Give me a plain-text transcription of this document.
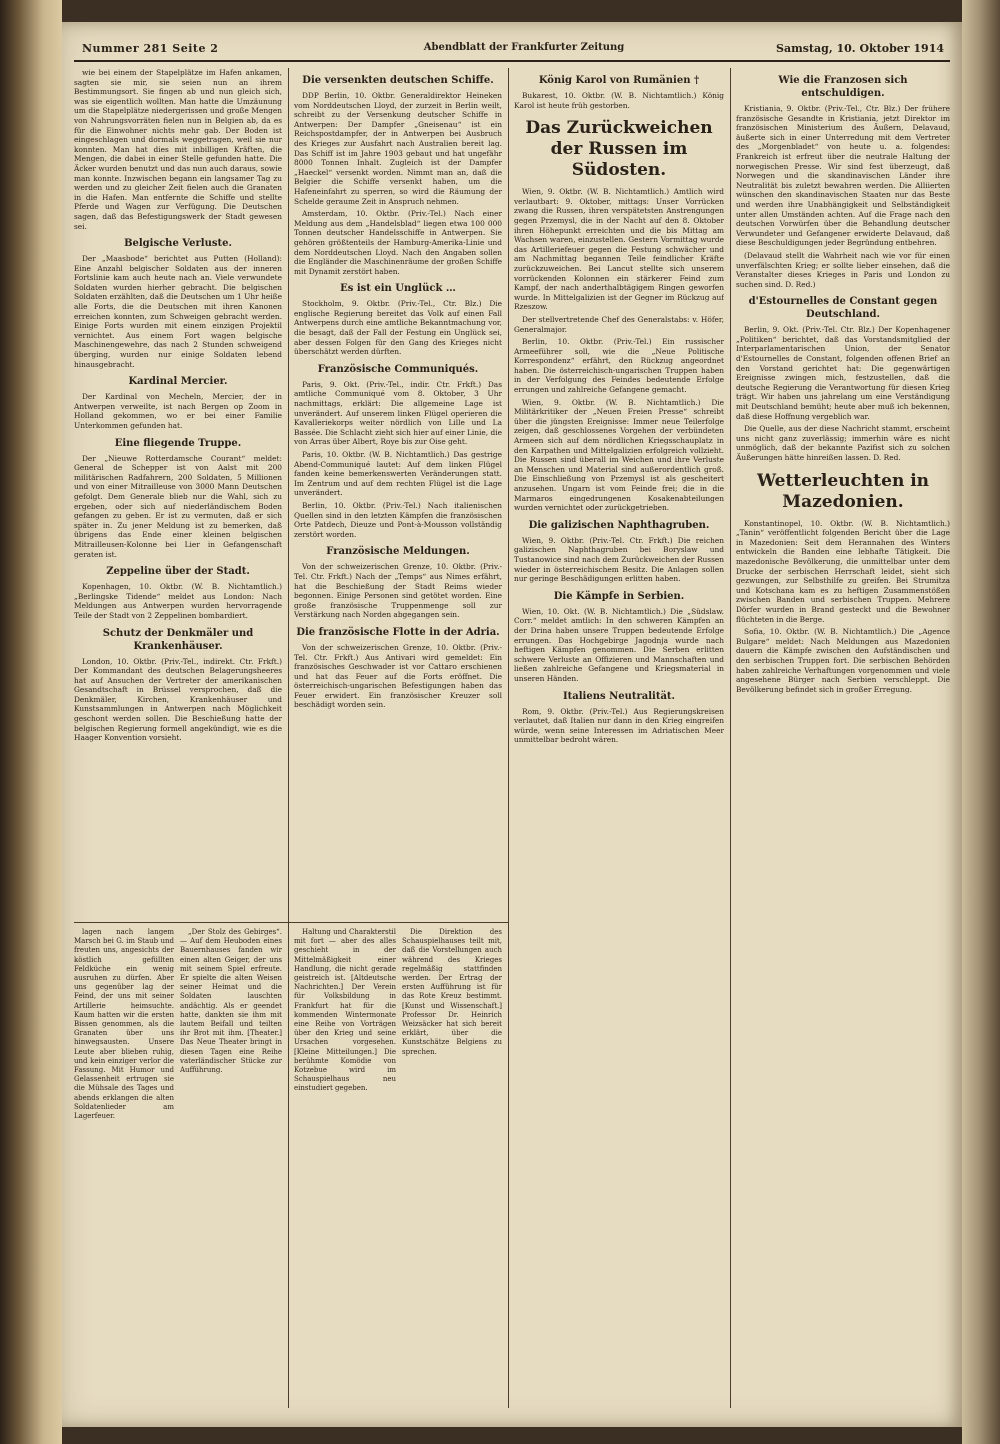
Nummer 281 Seite 2	Abendblatt der Frankfurter Zeitung	Samstag, 10. Oktober 1914

wie bei einem der Stapelplätze im Hafen ankamen, sagten sie mir, sie seien nun an ihrem Bestimmungsort. Sie fingen ab und nun gleich sich, was sie eigentlich wollten. Man hatte die Umzäunung um die Stapelplätze niedergerissen und große Mengen von Nahrungsvorräten fielen nun in Belgien ab, da es für die Einwohner nichts mehr gab. Der Boden ist eingeschlagen und dormals weggetragen, weil sie nur konnten. Man hat dies mit inbilligen Kräften, die Mengen, die dabei in einer Stelle gefunden hatte. Die Äcker wurden benutzt und das nun auch daraus, sowie man konnte. Inzwischen begann ein langsamer Tag zu werden und zu gleicher Zeit fielen auch die Granaten in die Hafen. Man entfernte die Schiffe und stellte Pferde und Wagen zur Verfügung. Die Deutschen sagen, daß das Befestigungswerk der Stadt gewesen sei.

Belgische Verluste.

Der „Maasbode“ berichtet aus Putten (Holland): Eine Anzahl belgischer Soldaten aus der inneren Fortslinie kam auch heute nach an. Viele verwundete Soldaten wurden hierher gebracht. Die belgischen Soldaten erzählten, daß die Deutschen um 1 Uhr heiße alle Forts, die die Deutschen mit ihren Kanonen erreichen konnten, zum Schweigen gebracht werden. Einige Forts wurden mit einem einzigen Projektil vernichtet. Aus einem Fort wagen belgische Maschinengewehre, das nach 2 Stunden schweigend überging, wurden nur einige Soldaten lebend hinausgebracht.

Kardinal Mercier.

Der Kardinal von Mecheln, Mercier, der in Antwerpen verweilte, ist nach Bergen op Zoom in Holland gekommen, wo er bei einer Familie Unterkommen gefunden hat.

Eine fliegende Truppe.

Der „Nieuwe Rotterdamsche Courant“ meldet: General de Schepper ist von Aalst mit 200 militärischen Radfahrern, 200 Soldaten, 5 Millionen und von einer Mitrailleuse von 3000 Mann Deutschen gefolgt. Dem Generale blieb nur die Wahl, sich zu ergeben, oder sich auf niederländischem Boden gefangen zu geben. Er ist zu vermuten, daß er sich später in. Zu jener Meldung ist zu bemerken, daß übrigens das Ende einer kleinen belgischen Mitrailleusen-Kolonne bei Lier in Gefangenschaft geraten ist.

Zeppeline über der Stadt.

Kopenhagen, 10. Oktbr. (W. B. Nichtamtlich.) „Berlingske Tidende“ meldet aus London: Nach Meldungen aus Antwerpen wurden hervorragende Teile der Stadt von 2 Zeppelinen bombardiert.

Schutz der Denkmäler und Krankenhäuser.

London, 10. Oktbr. (Priv.-Tel., indirekt. Ctr. Frkft.) Der Kommandant des deutschen Belagerungsheeres hat auf Ansuchen der Vertreter der amerikanischen Gesandtschaft in Brüssel versprochen, daß die Denkmäler, Kirchen, Krankenhäuser und Kunstsammlungen in Antwerpen nach Möglichkeit geschont werden sollen. Die Beschießung hatte der belgischen Regierung formell angekündigt, wie es die Haager Konvention vorsieht.

Die versenkten deutschen Schiffe.

DDP Berlin, 10. Oktbr. Generaldirektor Heineken vom Norddeutschen Lloyd, der zurzeit in Berlin weilt, schreibt zu der Versenkung deutscher Schiffe in Antwerpen: Der Dampfer „Gneisenau“ ist ein Reichspostdampfer, der in Antwerpen bei Ausbruch des Krieges zur Ausfahrt nach Australien bereit lag. Das Schiff ist im Jahre 1903 gebaut und hat ungefähr 8000 Tonnen Inhalt. Zugleich ist der Dampfer „Haeckel“ versenkt worden. Nimmt man an, daß die Belgier die Schiffe versenkt haben, um die Hafeneinfahrt zu sperren, so wird die Räumung der Schelde geraume Zeit in Anspruch nehmen.

Amsterdam, 10. Oktbr. (Priv.-Tel.) Nach einer Meldung aus dem „Handelsblad“ liegen etwa 100 000 Tonnen deutscher Handelsschiffe in Antwerpen. Sie gehören größtenteils der Hamburg-Amerika-Linie und dem Norddeutschen Lloyd. Nach den Angaben sollen die Engländer die Maschinenräume der großen Schiffe mit Dynamit zerstört haben.

Es ist ein Unglück …

Stockholm, 9. Oktbr. (Priv.-Tel., Ctr. Blz.) Die englische Regierung bereitet das Volk auf einen Fall Antwerpens durch eine amtliche Bekanntmachung vor, die besagt, daß der Fall der Festung ein Unglück sei, aber dessen Folgen für den Gang des Krieges nicht überschätzt werden dürften.

Französische Communiqués.

Paris, 9. Okt. (Priv.-Tel., indir. Ctr. Frkft.) Das amtliche Communiqué vom 8. Oktober, 3 Uhr nachmittags, erklärt: Die allgemeine Lage ist unverändert. Auf unserem linken Flügel operieren die Kavalleriekorps weiter nördlich von Lille und La Bassée. Die Schlacht zieht sich hier auf einer Linie, die von Arras über Albert, Roye bis zur Oise geht.

Paris, 10. Oktbr. (W. B. Nichtamtlich.) Das gestrige Abend-Communiqué lautet: Auf dem linken Flügel fanden keine bemerkenswerten Veränderungen statt. Im Zentrum und auf dem rechten Flügel ist die Lage unverändert.

Berlin, 10. Oktbr. (Priv.-Tel.) Nach italienischen Quellen sind in den letzten Kämpfen die französischen Orte Patdech, Dieuze und Pont-à-Mousson vollständig zerstört worden.

Französische Meldungen.

Von der schweizerischen Grenze, 10. Oktbr. (Priv.-Tel. Ctr. Frkft.) Nach der „Temps“ aus Nimes erfährt, hat die Beschießung der Stadt Reims wieder begonnen. Einige Personen sind getötet worden. Eine große französische Truppenmenge soll zur Verstärkung nach Norden abgegangen sein.

Die französische Flotte in der Adria.

Von der schweizerischen Grenze, 10. Oktbr. (Priv.-Tel. Ctr. Frkft.) Aus Antivari wird gemeldet: Ein französisches Geschwader ist vor Cattaro erschienen und hat das Feuer auf die Forts eröffnet. Die österreichisch-ungarischen Befestigungen haben das Feuer erwidert. Ein französischer Kreuzer soll beschädigt worden sein.

König Karol von Rumänien †

Bukarest, 10. Oktbr. (W. B. Nichtamtlich.) König Karol ist heute früh gestorben.

Das Zurückweichen der Russen im Südosten.

Wien, 9. Oktbr. (W. B. Nichtamtlich.) Amtlich wird verlautbart: 9. Oktober, mittags: Unser Vorrücken zwang die Russen, ihren verspätetsten Anstrengungen gegen Przemysl, die in der Nacht auf den 8. Oktober ihren Höhepunkt erreichten und die bis Mittag am Wachsen waren, einzustellen. Gestern Vormittag wurde das Artilleriefeuer gegen die Festung schwächer und am Nachmittag begannen Teile feindlicher Kräfte zurückzuweichen. Bei Lancut stellte sich unserem vorrückenden Kolonnen ein stärkerer Feind zum Kampf, der nach anderthalbtägigem Ringen geworfen wurde. In Mittelgalizien ist der Gegner im Rückzug auf Rzeszow.

Der stellvertretende Chef des Generalstabs: v. Höfer, Generalmajor.

Berlin, 10. Oktbr. (Priv.-Tel.) Ein russischer Armeeführer soll, wie die „Neue Politische Korrespondenz“ erfährt, den Rückzug angeordnet haben. Die österreichisch-ungarischen Truppen haben in der Verfolgung des Feindes bedeutende Erfolge errungen und zahlreiche Gefangene gemacht.

Wien, 9. Oktbr. (W. B. Nichtamtlich.) Die Militärkritiker der „Neuen Freien Presse“ schreibt über die jüngsten Ereignisse: Immer neue Teilerfolge zeigen, daß geschlossenes Vorgehen der verbündeten Armeen sich auf dem nördlichen Kriegsschauplatz in den Karpathen und Mittelgalizien erfolgreich vollzieht. Die Russen sind überall im Weichen und ihre Verluste an Menschen und Material sind außerordentlich groß. Die Einschließung von Przemysl ist als gescheitert anzusehen. Ungarn ist vom Feinde frei; die in die Marmaros eingedrungenen Kosakenabteilungen wurden vernichtet oder zurückgetrieben.

Die galizischen Naphthagruben.

Wien, 9. Oktbr. (Priv.-Tel. Ctr. Frkft.) Die reichen galizischen Naphthagruben bei Boryslaw und Tustanowice sind nach dem Zurückweichen der Russen wieder in österreichischem Besitz. Die Anlagen sollen nur geringe Beschädigungen erlitten haben.

Die Kämpfe in Serbien.

Wien, 10. Okt. (W. B. Nichtamtlich.) Die „Südslaw. Corr.“ meldet amtlich: In den schweren Kämpfen an der Drina haben unsere Truppen bedeutende Erfolge errungen. Das Hochgebirge Jagodnja wurde nach heftigen Kämpfen genommen. Die Serben erlitten schwere Verluste an Offizieren und Mannschaften und ließen zahlreiche Gefangene und Kriegsmaterial in unseren Händen.

Italiens Neutralität.

Rom, 9. Oktbr. (Priv.-Tel.) Aus Regierungskreisen verlautet, daß Italien nur dann in den Krieg eingreifen würde, wenn seine Interessen im Adriatischen Meer unmittelbar bedroht wären.

Wie die Franzosen sich entschuldigen.

Kristiania, 9. Oktbr. (Priv.-Tel., Ctr. Blz.) Der frühere französische Gesandte in Kristiania, jetzt Direktor im französischen Ministerium des Äußern, Delavaud, äußerte sich in einer Unterredung mit dem Vertreter des „Morgenbladet“ von heute u. a. folgendes: Frankreich ist erfreut über die neutrale Haltung der norwegischen Presse. Wir sind fest überzeugt, daß Norwegen und die skandinavischen Länder ihre Neutralität bis zuletzt bewahren werden. Die Alliierten wünschen den skandinavischen Staaten nur das Beste und werden ihre Unabhängigkeit und Selbständigkeit unter allen Umständen achten. Auf die Frage nach den deutschen Vorwürfen über die Behandlung deutscher Verwundeter und Gefangener erwiderte Delavaud, daß diese Beschuldigungen jeder Begründung entbehren.

(Delavaud stellt die Wahrheit nach wie vor für einen unverfälschten Krieg; er sollte lieber einsehen, daß die Veranstalter dieses Krieges in Paris und London zu suchen sind. D. Red.)

d'Estournelles de Constant gegen Deutschland.

Berlin, 9. Okt. (Priv.-Tel. Ctr. Blz.) Der Kopenhagener „Politiken“ berichtet, daß das Vorstandsmitglied der Interparlamentarischen Union, der Senator d'Estournelles de Constant, folgenden offenen Brief an den Vorstand gerichtet hat: Die gegenwärtigen Ereignisse zwingen mich, festzustellen, daß die deutsche Regierung die Verantwortung für diesen Krieg trägt. Wir haben uns jahrelang um eine Verständigung mit Deutschland bemüht; heute aber muß ich bekennen, daß diese Hoffnung vergeblich war.

Die Quelle, aus der diese Nachricht stammt, erscheint uns nicht ganz zuverlässig; immerhin wäre es nicht unmöglich, daß der bekannte Pazifist sich zu solchen Äußerungen hätte hinreißen lassen. D. Red.

Wetterleuchten in Mazedonien.

Konstantinopel, 10. Oktbr. (W. B. Nichtamtlich.) „Tanin“ veröffentlicht folgenden Bericht über die Lage in Mazedonien: Seit dem Herannahen des Winters entwickeln die Banden eine lebhafte Tätigkeit. Die mazedonische Bevölkerung, die unmittelbar unter dem Drucke der serbischen Herrschaft leidet, sieht sich gezwungen, zur Selbsthilfe zu greifen. Bei Strumitza und Kotschana kam es zu heftigen Zusammenstößen zwischen Banden und serbischen Truppen. Mehrere Dörfer wurden in Brand gesteckt und die Bewohner flüchteten in die Berge.

Sofia, 10. Oktbr. (W. B. Nichtamtlich.) Die „Agence Bulgare“ meldet: Nach Meldungen aus Mazedonien dauern die Kämpfe zwischen den Aufständischen und den serbischen Truppen fort. Die serbischen Behörden haben zahlreiche Verhaftungen vorgenommen und viele angesehene Bürger nach Serbien verschleppt. Die Bevölkerung befindet sich in großer Erregung.

lagen nach langem Marsch bei G. im Staub und freuten uns, angesichts der köstlich gefüllten Feldküche ein wenig ausruhen zu dürfen. Aber uns gegenüber lag der Feind, der uns mit seiner Artillerie heimsuchte. Kaum hatten wir die ersten Bissen genommen, als die Granaten über uns hinwegsausten. Unsere Leute aber blieben ruhig, und kein einziger verlor die Fassung. Mit Humor und Gelassenheit ertrugen sie die Mühsale des Tages und abends erklangen die alten Soldatenlieder am Lagerfeuer.

„Der Stolz des Gebirges“. — Auf dem Heuboden eines Bauernhauses fanden wir einen alten Geiger, der uns mit seinem Spiel erfreute. Er spielte die alten Weisen seiner Heimat und die Soldaten lauschten andächtig. Als er geendet hatte, dankten sie ihm mit lautem Beifall und teilten ihr Brot mit ihm. [Theater.] Das Neue Theater bringt in diesen Tagen eine Reihe vaterländischer Stücke zur Aufführung.

Haltung und Charakterstil mit fort — aber des alles geschieht in der Mittelmäßigkeit einer Handlung, die nicht gerade geistreich ist. [Altdeutsche Nachrichten.] Der Verein für Volksbildung in Frankfurt hat für die kommenden Wintermonate eine Reihe von Vorträgen über den Krieg und seine Ursachen vorgesehen. [Kleine Mitteilungen.] Die berühmte Komödie von Kotzebue wird im Schauspielhaus neu einstudiert gegeben.

Die Direktion des Schauspielhauses teilt mit, daß die Vorstellungen auch während des Krieges regelmäßig stattfinden werden. Der Ertrag der ersten Aufführung ist für das Rote Kreuz bestimmt. [Kunst und Wissenschaft.] Professor Dr. Heinrich Weizsäcker hat sich bereit erklärt, über die Kunstschätze Belgiens zu sprechen.
